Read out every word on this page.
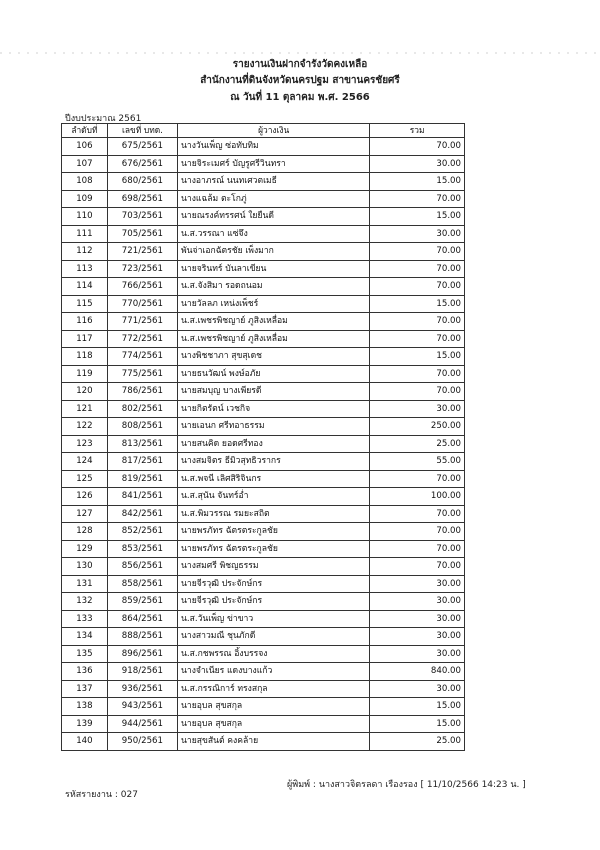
รายงานเงินฝากจำรังวัดคงเหลือ
สำนักงานที่ดินจังหวัดนครปฐม สาขานครชัยศรี
ณ วันที่ 11 ตุลาคม พ.ศ. 2566
ปีงบประมาณ 2561
ลำดับที่	เลขที่ บทด.	ผู้วางเงิน	รวม
106	675/2561	นางวันเพ็ญ ซ่อทับทิม	70.00
107	676/2561	นายจิระเมศร์ บัญรูศรีวินทรา	30.00
108	680/2561	นางอาภรณ์ นนทเศวตเมธี	15.00
109	698/2561	นางแฉล้ม ตะโกภู่	70.00
110	703/2561	นายณรงค์ทรรศน์ ใยยืนดี	15.00
111	705/2561	น.ส.วรรณา แซ่จึง	30.00
112	721/2561	พันจ่าเอกฉัตรชัย เพ็งมาก	70.00
113	723/2561	นายจรินทร์ บันลาเขียน	70.00
114	766/2561	น.ส.จังสิมา รอดถนอม	70.00
115	770/2561	นายวัลลภ เหน่งเพ็ชร์	15.00
116	771/2561	น.ส.เพชรพิชญาย์ ภูสิงเหลื่อม	70.00
117	772/2561	น.ส.เพชรพิชญาย์ ภูสิงเหลื่อม	70.00
118	774/2561	นางพิชชาภา สุขสุเดช	15.00
119	775/2561	นายธนวัฒน์ พงษ์อภัย	70.00
120	786/2561	นายสมบุญ บางเพียรดี	70.00
121	802/2561	นายกิตรัตน์ เวชกิจ	30.00
122	808/2561	นายเอนก ศรีทอาธรรม	250.00
123	813/2561	นายสนคิด ยอดศรีทอง	25.00
124	817/2561	นางสมจิตร ธีมิวสุทธิวรากร	55.00
125	819/2561	น.ส.พจนี เลิศสิริจินกร	70.00
126	841/2561	น.ส.สุนัน จันทร์อ่ำ	100.00
127	842/2561	น.ส.พิมวรรณ รมยะสถิต	70.00
128	852/2561	นายพรภัทร ฉัตรตระกูลชัย	70.00
129	853/2561	นายพรภัทร ฉัตรตระกูลชัย	70.00
130	856/2561	นางสมศรี พิชญธรรม	70.00
131	858/2561	นายจีรวุฒิ ประจักษ์กร	30.00
132	859/2561	นายจีรวุฒิ ประจักษ์กร	30.00
133	864/2561	น.ส.วันเพ็ญ ข่าขาว	30.00
134	888/2561	นางสาวมณี ชุนภักดี	30.00
135	896/2561	น.ส.กชพรรณ อิ้งบรรจง	30.00
136	918/2561	นางจำเนียร แดงบางแก้ว	840.00
137	936/2561	น.ส.กรรณิการ์ ทรงสกุล	30.00
138	943/2561	นายอุบล สุขสกุล	15.00
139	944/2561	นายอุบล สุขสกุล	15.00
140	950/2561	นายสุขสันต์ คงคล้าย	25.00
รหัสรายงาน : 027
ผู้พิมพ์ : นางสาวจิตรลดา เรืองรอง [ 11/10/2566 14:23 น. ]
